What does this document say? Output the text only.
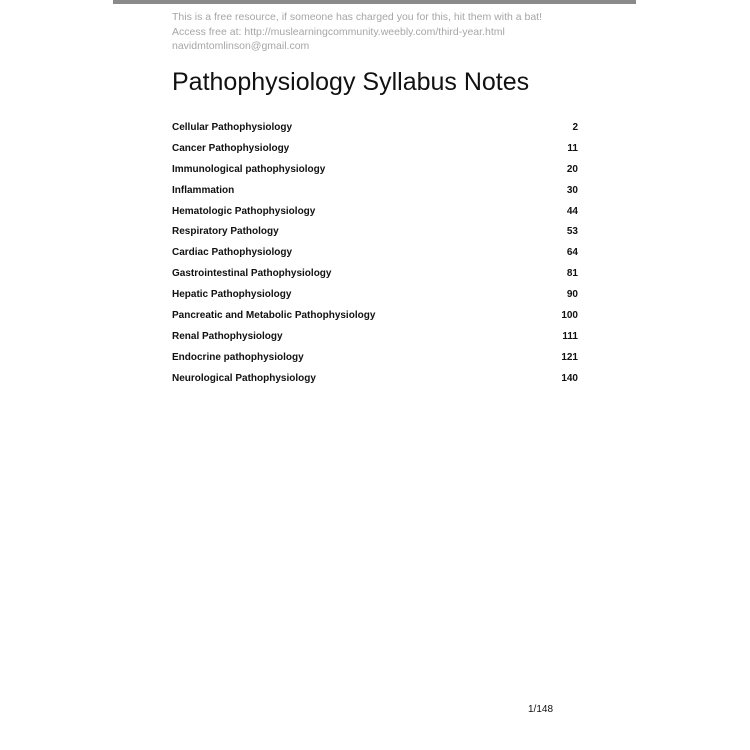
This is a free resource, if someone has charged you for this, hit them with a bat!
Access free at: http://muslearningcommunity.weebly.com/third-year.html
navidmtomlinson@gmail.com
Pathophysiology Syllabus Notes
Cellular Pathophysiology	2
Cancer Pathophysiology	11
Immunological pathophysiology	20
Inflammation	30
Hematologic Pathophysiology	44
Respiratory Pathology	53
Cardiac Pathophysiology	64
Gastrointestinal Pathophysiology	81
Hepatic Pathophysiology	90
Pancreatic and Metabolic Pathophysiology	100
Renal Pathophysiology	111
Endocrine pathophysiology	121
Neurological Pathophysiology	140
1/148
